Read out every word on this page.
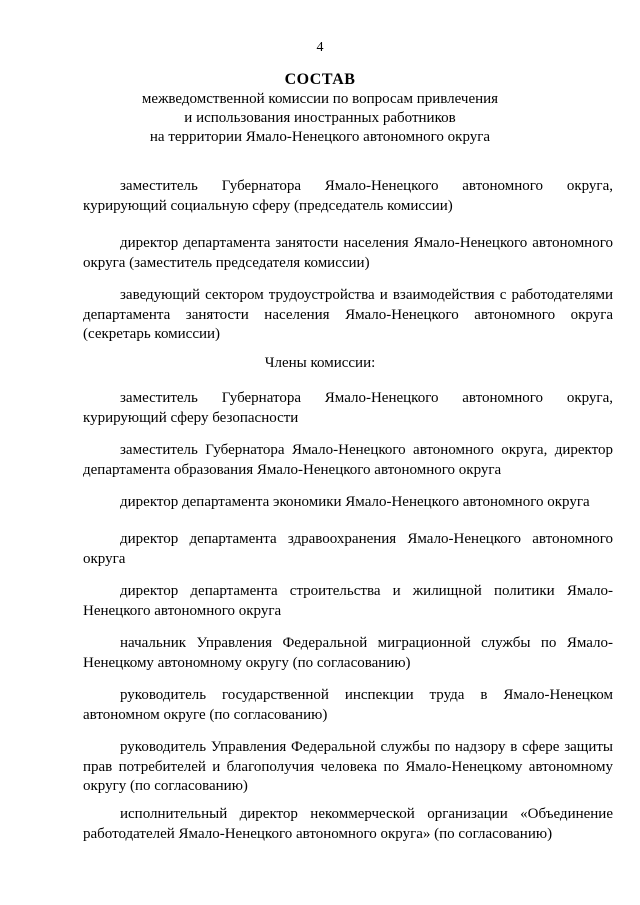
4
СОСТАВ
межведомственной комиссии по вопросам привлечения
и использования иностранных работников
на территории Ямало-Ненецкого автономного округа

заместитель Губернатора Ямало-Ненецкого автономного округа, курирующий социальную сферу (председатель комиссии)

директор департамента занятости населения Ямало-Ненецкого автономного округа (заместитель председателя комиссии)

заведующий сектором трудоустройства и взаимодействия с работодателями департамента занятости населения Ямало-Ненецкого автономного округа (секретарь комиссии)

Члены комиссии:

заместитель Губернатора Ямало-Ненецкого автономного округа, курирующий сферу безопасности

заместитель Губернатора Ямало-Ненецкого автономного округа, директор департамента образования Ямало-Ненецкого автономного округа

директор департамента экономики Ямало-Ненецкого автономного округа

директор департамента здравоохранения Ямало-Ненецкого автономного округа

директор департамента строительства и жилищной политики Ямало-Ненецкого автономного округа

начальник Управления Федеральной миграционной службы по Ямало-Ненецкому автономному округу (по согласованию)

руководитель государственной инспекции труда в Ямало-Ненецком автономном округе (по согласованию)

руководитель Управления Федеральной службы по надзору в сфере защиты прав потребителей и благополучия человека по Ямало-Ненецкому автономному округу (по согласованию)

исполнительный директор некоммерческой организации «Объединение работодателей Ямало-Ненецкого автономного округа» (по согласованию)
